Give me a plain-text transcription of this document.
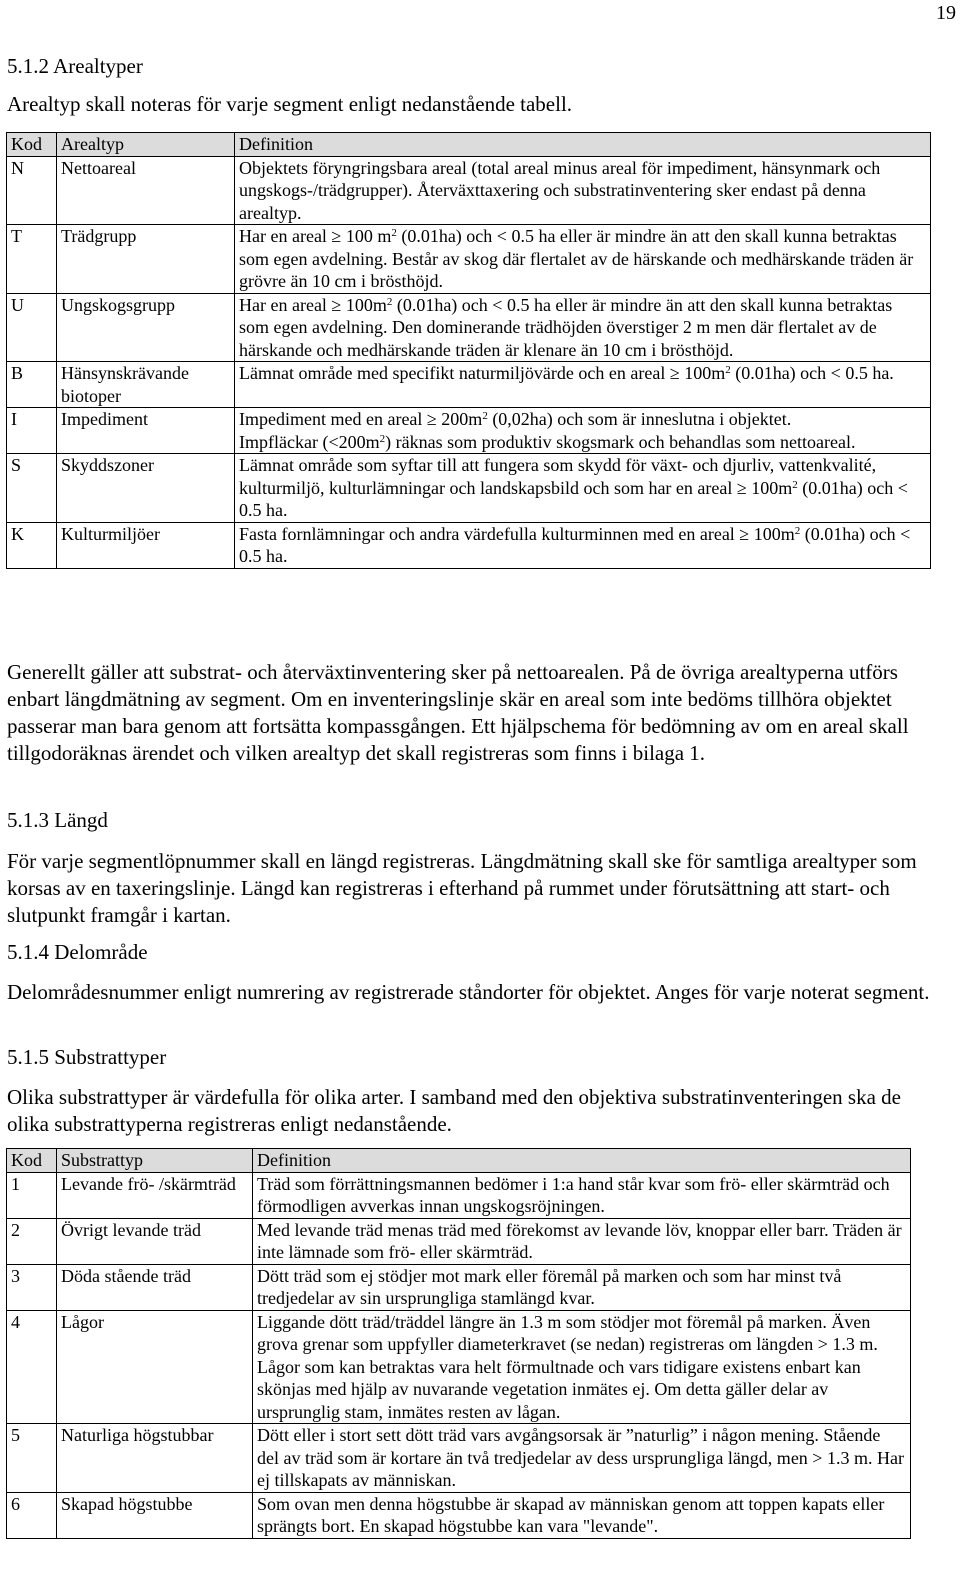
19
5.1.2 Arealtyper

Arealtyp skall noteras för varje segment enligt nedanstående tabell.

Kod	Arealtyp	Definition
N	Nettoareal	Objektets föryngringsbara areal (total areal minus areal för impediment, hänsynmark och ungskogs-/trädgrupper). Återväxttaxering och substratinventering sker endast på denna arealtyp.
T	Trädgrupp	Har en areal ≥ 100 $m^2$ (0.01ha) och < 0.5 ha eller är mindre än att den skall kunna betraktas som egen avdelning. Består av skog där flertalet av de härskande och medhärskande träden är grövre än 10 cm i brösthöjd.
U	Ungskogsgrupp	Har en areal ≥ $100m^2$ (0.01ha) och < 0.5 ha eller är mindre än att den skall kunna betraktas som egen avdelning. Den dominerande trädhöjden överstiger 2 m men där flertalet av de härskande och medhärskande träden är klenare än 10 cm i brösthöjd.
B	Hänsynskrävande biotoper	Lämnat område med specifikt naturmiljövärde och en areal ≥ $100m^2$ (0.01ha) och < 0.5 ha.
I	Impediment	Impediment med en areal ≥ $200m^2$ (0,02ha) och som är inneslutna i objektet.
Impfläckar $(<200m^2)$ räknas som produktiv skogsmark och behandlas som nettoareal.
S	Skyddszoner	Lämnat område som syftar till att fungera som skydd för växt- och djurliv, vattenkvalité, kulturmiljö, kulturlämningar och landskapsbild och som har en areal ≥ $100m^2$ (0.01ha) och < 0.5 ha.
K	Kulturmiljöer	Fasta fornlämningar och andra värdefulla kulturminnen med en areal ≥ $100m^2$ (0.01ha) och < 0.5 ha.

Generellt gäller att substrat- och återväxtinventering sker på nettoarealen. På de övriga arealtyperna utförs enbart längdmätning av segment. Om en inventeringslinje skär en areal som inte bedöms tillhöra objektet passerar man bara genom att fortsätta kompassgången. Ett hjälpschema för bedömning av om en areal skall tillgodoräknas ärendet och vilken arealtyp det skall registreras som finns i bilaga 1.

5.1.3 Längd

För varje segmentlöpnummer skall en längd registreras. Längdmätning skall ske för samtliga arealtyper som korsas av en taxeringslinje. Längd kan registreras i efterhand på rummet under förutsättning att start- och slutpunkt framgår i kartan.

5.1.4 Delområde

Delområdesnummer enligt numrering av registrerade ståndorter för objektet. Anges för varje noterat segment.

5.1.5 Substrattyper

Olika substrattyper är värdefulla för olika arter. I samband med den objektiva substratinventeringen ska de olika substrattyperna registreras enligt nedanstående.

Kod	Substrattyp	Definition
1	Levande frö- /skärmträd	Träd som förrättningsmannen bedömer i 1:a hand står kvar som frö- eller skärmträd och förmodligen avverkas innan ungskogsröjningen.
2	Övrigt levande träd	Med levande träd menas träd med förekomst av levande löv, knoppar eller barr. Träden är inte lämnade som frö- eller skärmträd.
3	Döda stående träd	Dött träd som ej stödjer mot mark eller föremål på marken och som har minst två tredjedelar av sin ursprungliga stamlängd kvar.
4	Lågor	Liggande dött träd/träddel längre än 1.3 m som stödjer mot föremål på marken. Även grova grenar som uppfyller diameterkravet (se nedan) registreras om längden > 1.3 m. Lågor som kan betraktas vara helt förmultnade och vars tidigare existens enbart kan skönjas med hjälp av nuvarande vegetation inmätes ej. Om detta gäller delar av ursprunglig stam, inmätes resten av lågan.
5	Naturliga högstubbar	Dött eller i stort sett dött träd vars avgångsorsak är ”naturlig” i någon mening. Stående del av träd som är kortare än två tredjedelar av dess ursprungliga längd, men > 1.3 m. Har ej tillskapats av människan.
6	Skapad högstubbe	Som ovan men denna högstubbe är skapad av människan genom att toppen kapats eller sprängts bort. En skapad högstubbe kan vara "levande".
